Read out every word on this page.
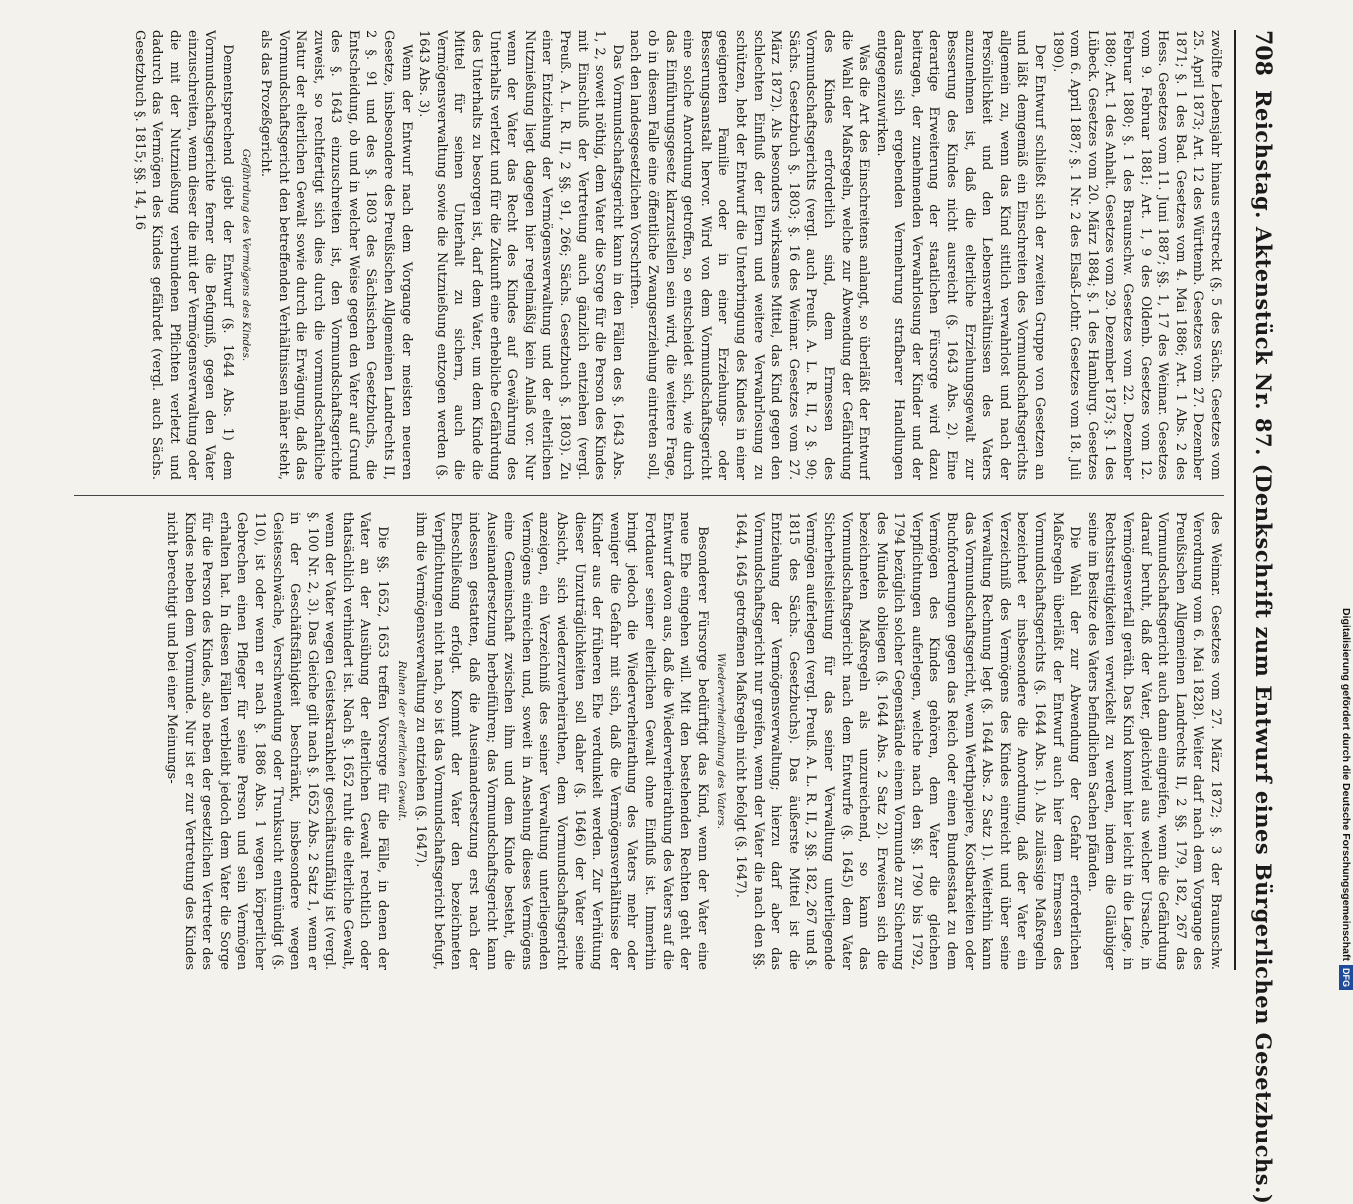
708
Reichstag. Aktenstück Nr. 87. (Denkschrift zum Entwurf eines Bürgerlichen Gesetzbuchs.)

zwölfte Lebensjahr hinaus erstreckt (§. 5 des Sächs. Gesetzes vom 25. April 1873; Art. 12 des Württemb. Gesetzes vom 27. Dezember 1871; §. 1 des Bad. Gesetzes vom 4. Mai 1886; Art. 1 Abs. 2 des Hess. Gesetzes vom 11. Juni 1887; §§. 1, 17 des Weimar. Gesetzes vom 9. Februar 1881; Art. 1, 9 des Oldenb. Gesetzes vom 12. Februar 1880; §. 1 des Braunschw. Gesetzes vom 22. Dezember 1880; Art. 1 des Anhalt. Gesetzes vom 29. Dezember 1873; §. 1 des Lübeck. Gesetzes vom 20. März 1884; §. 1 des Hamburg. Gesetzes vom 6. April 1887; §. 1 Nr. 2 des Elsaß-Lothr. Gesetzes vom 18. Juli 1890).

Der Entwurf schließt sich der zweiten Gruppe von Gesetzen an und läßt demgemäß ein Einschreiten des Vormundschaftsgerichts allgemein zu, wenn das Kind sittlich verwahrlost und nach der Persönlichkeit und den Lebensverhältnissen des Vaters anzunehmen ist, daß die elterliche Erziehungsgewalt zur Besserung des Kindes nicht ausreicht (§. 1643 Abs. 2). Eine derartige Erweiterung der staatlichen Fürsorge wird dazu beitragen, der zunehmenden Verwahrlosung der Kinder und der daraus sich ergebenden Vermehrung strafbarer Handlungen entgegenzuwirken.

Was die Art des Einschreitens anlangt, so überläßt der Entwurf die Wahl der Maßregeln, welche zur Abwendung der Gefährdung des Kindes erforderlich sind, dem Ermessen des Vormundschaftsgerichts (vergl. auch Preuß. A. L. R. II, 2 §. 90; Sächs. Gesetzbuch §. 1803; §. 16 des Weimar. Gesetzes vom 27. März 1872). Als besonders wirksames Mittel, das Kind gegen den schlechten Einfluß der Eltern und weitere Verwahrlosung zu schützen, hebt der Entwurf die Unterbringung des Kindes in einer geeigneten Familie oder in einer Erziehungs- oder Besserungsanstalt hervor. Wird von dem Vormundschaftsgericht eine solche Anordnung getroffen, so entscheidet sich, wie durch das Einführungsgesetz klarzustellen sein wird, die weitere Frage, ob in diesem Falle eine öffentliche Zwangserziehung eintreten soll, nach den landesgesetzlichen Vorschriften.

Das Vormundschaftsgericht kann in den Fällen des §. 1643 Abs. 1, 2, soweit nöthig, dem Vater die Sorge für die Person des Kindes mit Einschluß der Vertretung auch gänzlich entziehen (vergl. Preuß. A. L. R. II, 2 §§. 91, 266; Sächs. Gesetzbuch §. 1803). Zu einer Entziehung der Vermögensverwaltung und der elterlichen Nutznießung liegt dagegen hier regelmäßig kein Anlaß vor. Nur wenn der Vater das Recht des Kindes auf Gewährung des Unterhalts verletzt und für die Zukunft eine erhebliche Gefährdung des Unterhalts zu besorgen ist, darf dem Vater, um dem Kinde die Mittel für seinen Unterhalt zu sichern, auch die Vermögensverwaltung sowie die Nutznießung entzogen werden (§. 1643 Abs. 3).

Wenn der Entwurf nach dem Vorgange der meisten neueren Gesetze, insbesondere des Preußischen Allgemeinen Landrechts II, 2 §. 91 und des §. 1803 des Sächsischen Gesetzbuchs, die Entscheidung, ob und in welcher Weise gegen den Vater auf Grund des §. 1643 einzuschreiten ist, den Vormundschaftsgerichte zuweist, so rechtfertigt sich dies durch die vormundschaftliche Natur der elterlichen Gewalt sowie durch die Erwägung, daß das Vormundschaftsgericht den betreffenden Verhältnissen näher steht, als das Prozeßgericht.

Gefährdung des Vermögens des Kindes.

Dementsprechend giebt der Entwurf (§. 1644 Abs. 1) dem Vormundschaftsgerichte ferner die Befugniß, gegen den Vater einzuschreiten, wenn dieser die mit der Vermögensverwaltung oder die mit der Nutznießung verbundenen Pflichten verletzt und dadurch das Vermögen des Kindes gefährdet (vergl. auch Sächs. Gesetzbuch §. 1815; §§. 14, 16

des Weimar. Gesetzes vom 27. März 1872; §. 3 der Braunschw. Verordnung vom 6. Mai 1828). Weiter darf nach dem Vorgange des Preußischen Allgemeinen Landrechts II, 2 §§. 179, 182, 267 das Vormundschaftsgericht auch dann eingreifen, wenn die Gefährdung darauf beruht, daß der Vater, gleichviel aus welcher Ursache, in Vermögensverfall geräth. Das Kind kommt hier leicht in die Lage, in Rechtsstreitigkeiten verwickelt zu werden, indem die Gläubiger seine im Besitze des Vaters befindlichen Sachen pfänden.

Die Wahl der zur Abwendung der Gefahr erforderlichen Maßregeln überläßt der Entwurf auch hier dem Ermessen des Vormundschaftsgerichts (§. 1644 Abs. 1). Als zulässige Maßregeln bezeichnet er insbesondere die Anordnung, daß der Vater ein Verzeichniß des Vermögens des Kindes einreicht und über seine Verwaltung Rechnung legt (§. 1644 Abs. 2 Satz 1). Weiterhin kann das Vormundschaftsgericht, wenn Werthpapiere, Kostbarkeiten oder Buchforderungen gegen das Reich oder einen Bundesstaat zu dem Vermögen des Kindes gehören, dem Vater die gleichen Verpflichtungen auferlegen, welche nach den §§. 1790 bis 1792, 1794 bezüglich solcher Gegenstände einem Vormunde zur Sicherung des Mündels obliegen (§. 1644 Abs. 2 Satz 2). Erweisen sich die bezeichneten Maßregeln als unzureichend, so kann das Vormundschaftsgericht nach dem Entwurfe (§. 1645) dem Vater Sicherheitsleistung für das seiner Verwaltung unterliegende Vermögen auferlegen (vergl. Preuß. A. L. R. II, 2 §§. 182, 267 und §. 1815 des Sächs. Gesetzbuchs). Das äußerste Mittel ist die Entziehung der Vermögensverwaltung; hierzu darf aber das Vormundschaftsgericht nur greifen, wenn der Vater die nach den §§. 1644, 1645 getroffenen Maßregeln nicht befolgt (§. 1647).

Wiederverheirathung des Vaters.

Besonderer Fürsorge bedürftigt das Kind, wenn der Vater eine neue Ehe eingehen will. Mit den bestehenden Rechten geht der Entwurf davon aus, daß die Wiederverheirathung des Vaters auf die Fortdauer seiner elterlichen Gewalt ohne Einfluß ist. Immerhin bringt jedoch die Wiederverheirathung des Vaters mehr oder weniger die Gefahr mit sich, daß die Vermögensverhältnisse der Kinder aus der früheren Ehe verdunkelt werden. Zur Verhütung dieser Unzuträglichkeiten soll daher (§. 1646) der Vater seine Absicht, sich wiederzuverheirathen, dem Vormundschaftsgericht anzeigen, ein Verzeichniß des seiner Verwaltung unterliegenden Vermögens einreichen und, soweit in Ansehung dieses Vermögens eine Gemeinschaft zwischen ihm und dem Kinde besteht, die Auseinandersetzung herbeiführen; das Vormundschaftsgericht kann indessen gestatten, daß die Auseinandersetzung erst nach der Eheschließung erfolgt. Kommt der Vater den bezeichneten Verpflichtungen nicht nach, so ist das Vormundschaftsgericht befugt, ihm die Vermögensverwaltung zu entziehen (§. 1647).

Ruhen der elterlichen Gewalt.

Die §§. 1652, 1653 treffen Vorsorge für die Fälle, in denen der Vater an der Ausübung der elterlichen Gewalt rechtlich oder thatsächlich verhindert ist. Nach §. 1652 ruht die elterliche Gewalt, wenn der Vater wegen Geisteskrankheit geschäftsunfähig ist (vergl. §. 100 Nr. 2, 3). Das Gleiche gilt nach §. 1652 Abs. 2 Satz 1, wenn er in der Geschäftsfähigkeit beschränkt, insbesondere wegen Geistesschwäche, Verschwendung oder Trunksucht entmündigt (§. 110), ist oder wenn er nach §. 1886 Abs. 1 wegen körperlicher Gebrechen einen Pfleger für seine Person und sein Vermögen erhalten hat. In diesen Fällen verbleibt jedoch dem Vater die Sorge für die Person des Kindes, also neben der gesetzlichen Vertreter des Kindes neben dem Vormunde. Nur ist er zur Vertretung des Kindes nicht berechtigt und bei einer Meinungs-	Digitalisierung gefördert durch die Deutsche ForschungsgemeinschaftDFG
